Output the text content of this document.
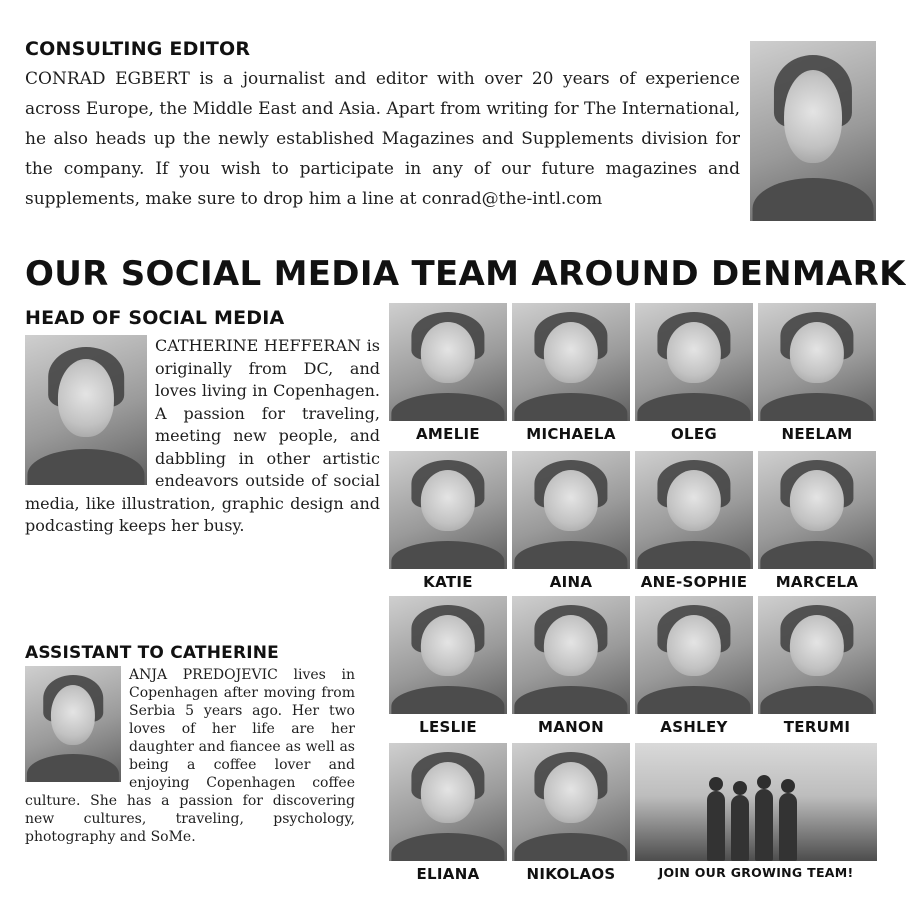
CONSULTING EDITOR
CONRAD EGBERT is a journalist and editor with over 20 years of experience across Europe, the Middle East and Asia. Apart from writing for The International, he also heads up the newly established Magazines and Supplements division for the company. If you wish to participate in any of our future magazines and supplements, make sure to drop him a line at conrad@the-intl.com
OUR SOCIAL MEDIA TEAM AROUND DENMARK
HEAD OF SOCIAL MEDIA
CATHERINE HEFFERAN is originally from DC, and loves living in Copenhagen. A passion for traveling, meeting new people, and dabbling in other artistic endeavors outside of social media, like illustration, graphic design and podcasting keeps her busy.
ASSISTANT TO CATHERINE
ANJA PREDOJEVIC lives in Copenhagen after moving from Serbia 5 years ago. Her two loves of her life are her daughter and fiancee as well as being a coffee lover and enjoying Copenhagen coffee culture. She has a passion for discovering new cultures, traveling, psychology, photography and SoMe.
AMELIE	MICHAELA	OLEG	NEELAM
KATIE	AINA	ANE-SOPHIE	MARCELA
LESLIE	MANON	ASHLEY	TERUMI
ELIANA	NIKOLAOS	JOIN OUR GROWING TEAM!
